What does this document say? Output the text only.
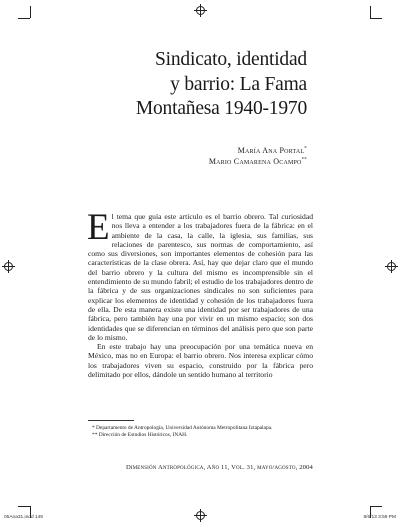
Sindicato, identidad
y barrio: La Fama
Montañesa 1940-1970
María Ana Portal*
Mario Camarena Ocampo**

El tema que guía este artículo es el barrio obrero. Tal curiosidad nos lleva a entender a los trabajadores fuera de la fábrica: en el ambiente de la casa, la calle, la iglesia, sus familias, sus relaciones de parentesco, sus normas de comportamiento, así como sus diversiones, son importantes elementos de cohesión para las características de la clase obrera. Así, hay que dejar claro que el mundo del barrio obrero y la cultura del mismo es incomprensible sin el entendimiento de su mundo fabril; el estudio de los trabajadores dentro de la fábrica y de sus organizaciones sindicales no son suficientes para explicar los elementos de identidad y cohesión de los trabajadores fuera de ella. De esta manera existe una identidad por ser trabajadores de una fábrica, pero también hay una por vivir en un mismo espacio; son dos identidades que se diferencian en términos del análisis pero que son parte de lo mismo.

En este trabajo hay una preocupación por una temática nueva en México, mas no en Europa: el barrio obrero. Nos interesa explicar cómo los trabajadores viven su espacio, construido por la fábrica pero delimitado por ellos, dándole un sentido humano al territorio

* Departamento de Antropología, Universidad Autónoma Metropolitana Iztapalapa.
** Dirección de Estudios Históricos, INAH.
Dimensión Antropológica, Año 11, Vol. 31, mayo/agosto, 2004
05Ana31.indd 149	8/6/13 3:59 PM
